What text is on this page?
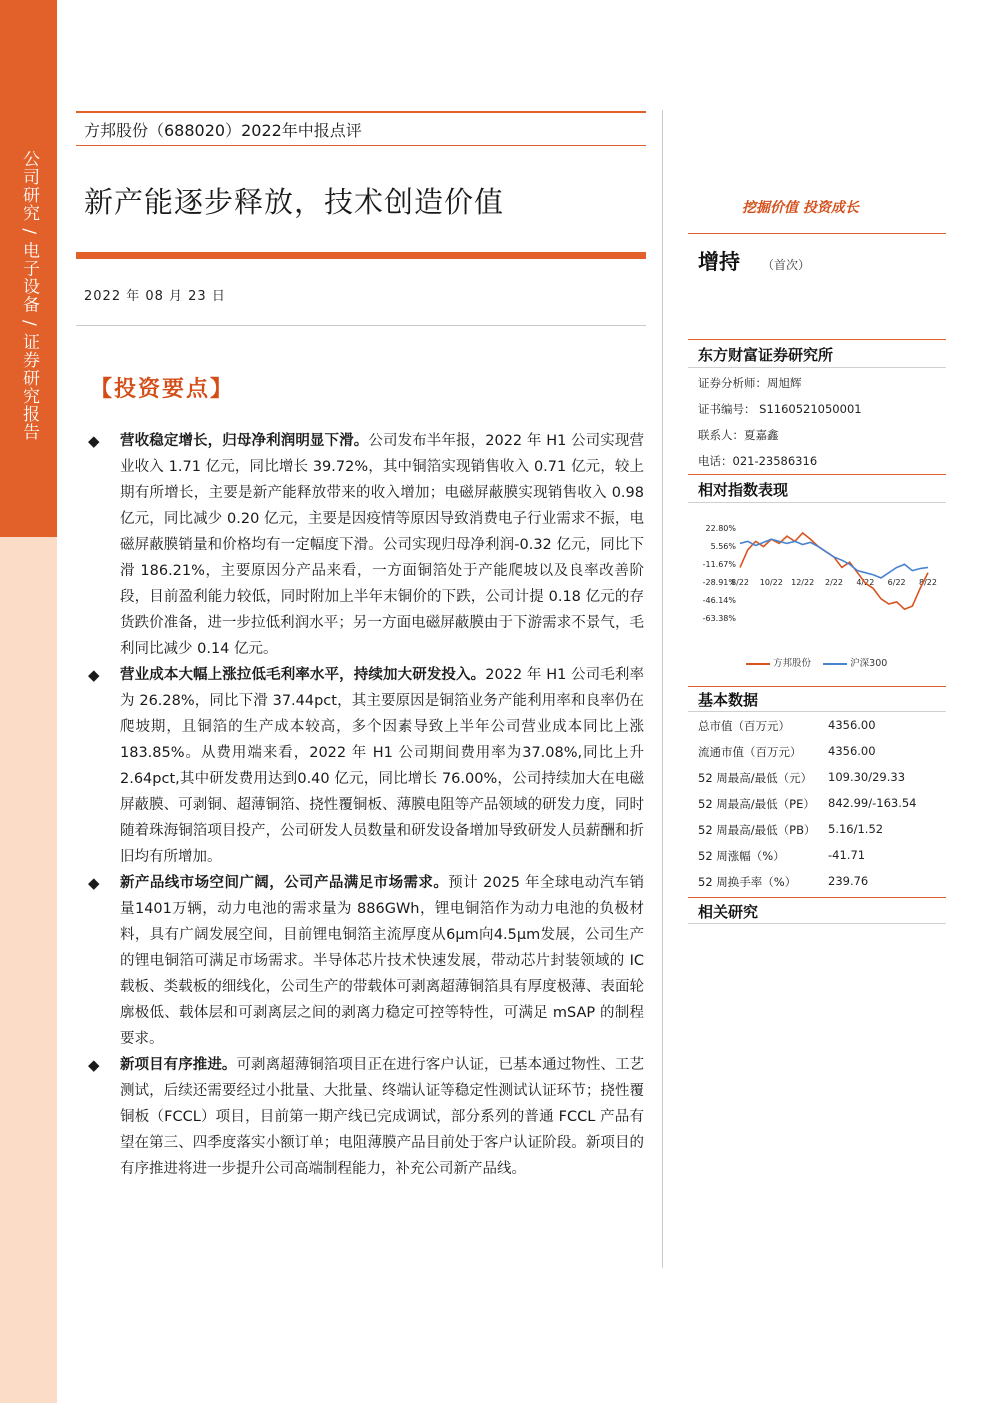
公司研究 / 电子设备 / 证券研究报告
方邦股份（688020）2022年中报点评
新产能逐步释放，技术创造价值
2022 年 08 月 23 日
【投资要点】
◆ 营收稳定增长，归母净利润明显下滑。公司发布半年报，2022 年 H1 公司实现营业收入 1.71 亿元，同比增长 39.72%，其中铜箔实现销售收入 0.71 亿元，较上期有所增长，主要是新产能释放带来的收入增加；电磁屏蔽膜实现销售收入 0.98 亿元，同比减少 0.20 亿元，主要是因疫情等原因导致消费电子行业需求不振，电磁屏蔽膜销量和价格均有一定幅度下滑。公司实现归母净利润-0.32 亿元，同比下滑 186.21%，主要原因分产品来看，一方面铜箔处于产能爬坡以及良率改善阶段，目前盈利能力较低，同时附加上半年末铜价的下跌，公司计提 0.18 亿元的存货跌价准备，进一步拉低利润水平；另一方面电磁屏蔽膜由于下游需求不景气，毛利同比减少 0.14 亿元。
◆ 营业成本大幅上涨拉低毛利率水平，持续加大研发投入。2022 年 H1 公司毛利率为 26.28%，同比下滑 37.44pct，其主要原因是铜箔业务产能利用率和良率仍在爬坡期，且铜箔的生产成本较高，多个因素导致上半年公司营业成本同比上涨 183.85%。从费用端来看，2022 年 H1 公司期间费用率为37.08%,同比上升2.64pct,其中研发费用达到0.40 亿元，同比增长 76.00%，公司持续加大在电磁屏蔽膜、可剥铜、超薄铜箔、挠性覆铜板、薄膜电阻等产品领域的研发力度，同时随着珠海铜箔项目投产，公司研发人员数量和研发设备增加导致研发人员薪酬和折旧均有所增加。
◆ 新产品线市场空间广阔，公司产品满足市场需求。预计 2025 年全球电动汽车销量1401万辆，动力电池的需求量为 886GWh，锂电铜箔作为动力电池的负极材料，具有广阔发展空间，目前锂电铜箔主流厚度从6μm向4.5μm发展，公司生产的锂电铜箔可满足市场需求。半导体芯片技术快速发展，带动芯片封装领域的 IC 载板、类载板的细线化，公司生产的带载体可剥离超薄铜箔具有厚度极薄、表面轮廓极低、载体层和可剥离层之间的剥离力稳定可控等特性，可满足 mSAP 的制程要求。
◆ 新项目有序推进。可剥离超薄铜箔项目正在进行客户认证，已基本通过物性、工艺测试，后续还需要经过小批量、大批量、终端认证等稳定性测试认证环节；挠性覆铜板（FCCL）项目，目前第一期产线已完成调试，部分系列的普通 FCCL 产品有望在第三、四季度落实小额订单；电阻薄膜产品目前处于客户认证阶段。新项目的有序推进将进一步提升公司高端制程能力，补充公司新产品线。
挖掘价值 投资成长
增持 （首次）
东方财富证券研究所
证券分析师：周旭辉
证书编号： S1160521050001
联系人：夏嘉鑫
电话：021-23586316
相对指数表现
22.80%
5.56%
-11.67%
-28.91%
-46.14%
-63.38%
8/22 10/22 12/22 2/22 4/22 6/22 8/22
方邦股份	沪深300
基本数据
总市值（百万元）	4356.00
流通市值（百万元） 4356.00
52 周最高/最低（元） 109.30/29.33
52 周最高/最低（PE） 842.99/-163.54
52 周最高/最低（PB） 5.16/1.52
52 周涨幅（%）	-41.71
52 周换手率（%）	239.76
相关研究
